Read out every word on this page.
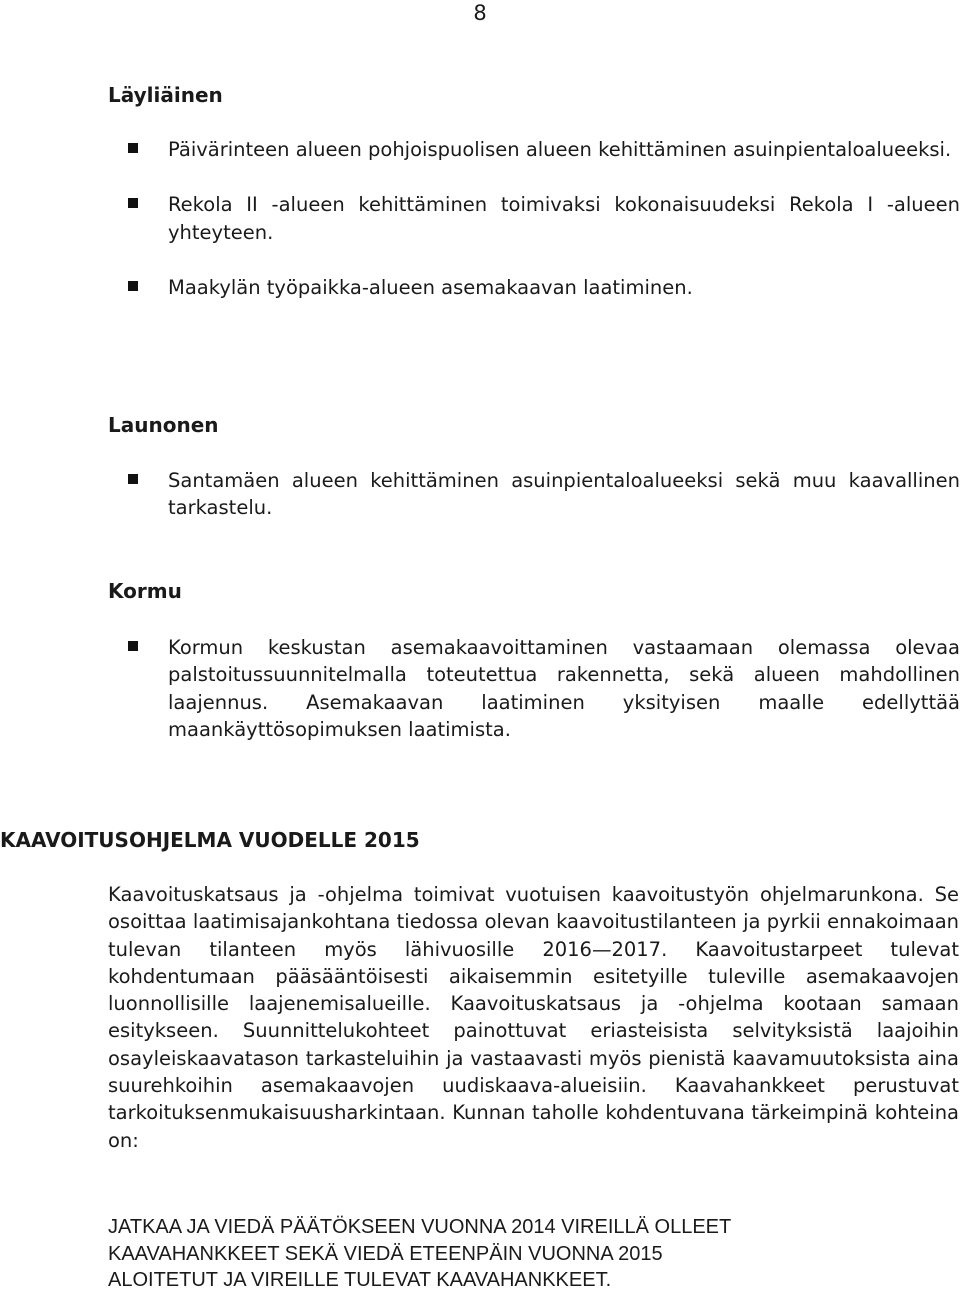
8
Läyliäinen
Päivärinteen alueen pohjoispuolisen alueen kehittäminen asuinpientaloalueeksi.
Rekola II -alueen kehittäminen toimivaksi kokonaisuudeksi Rekola I -alueen yhteyteen.
Maakylän työpaikka-alueen asemakaavan laatiminen.
Launonen
Santamäen alueen kehittäminen asuinpientaloalueeksi sekä muu kaavallinen tarkastelu.
Kormu
Kormun keskustan asemakaavoittaminen vastaamaan olemassa olevaa palstoitussuunnitelmalla toteutettua rakennetta, sekä alueen mahdollinen laajennus. Asemakaavan laatiminen yksityisen maalle edellyttää maankäyttösopimuksen laatimista.
KAAVOITUSOHJELMA VUODELLE 2015

Kaavoituskatsaus ja -ohjelma toimivat vuotuisen kaavoitustyön ohjelmarunkona. Se osoittaa laatimisajankohtana tiedossa olevan kaavoitustilanteen ja pyrkii ennakoimaan tulevan tilanteen myös lähivuosille 2016—2017. Kaavoitustarpeet tulevat kohdentumaan pääsääntöisesti aikaisemmin esitetyille tuleville asemakaavojen luonnollisille laajenemisalueille. Kaavoituskatsaus ja -ohjelma kootaan samaan esitykseen. Suunnittelukohteet painottuvat eriasteisista selvityksistä laajoihin osayleiskaavatason tarkasteluihin ja vastaavasti myös pienistä kaavamuutoksista aina suurehkoihin asemakaavojen uudiskaava-alueisiin. Kaavahankkeet perustuvat tarkoituksenmukaisuusharkintaan. Kunnan taholle kohdentuvana tärkeimpinä kohteina on:

JATKAA JA VIEDÄ PÄÄTÖKSEEN VUONNA 2014 VIREILLÄ OLLEET
KAAVAHANKKEET SEKÄ VIEDÄ ETEENPÄIN VUONNA 2015
ALOITETUT JA VIREILLE TULEVAT KAAVAHANKKEET.
